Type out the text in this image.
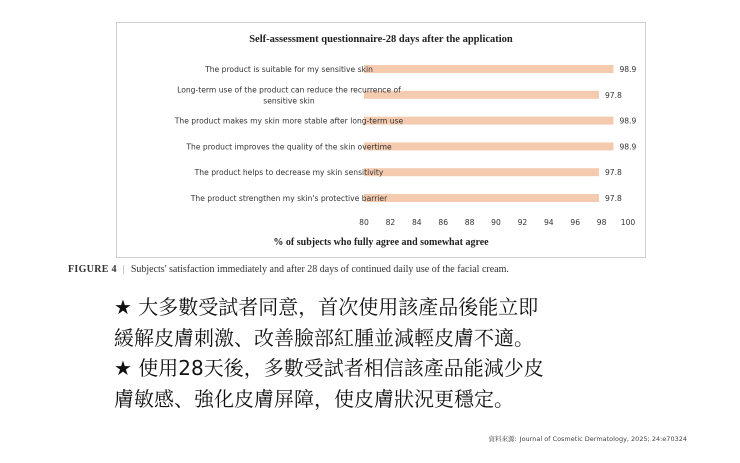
Self-assessment questionnaire-28 days after the application
The product is suitable for my sensitive skin	98.9
Long-term use of the product can reduce the recurrence of
sensitive skin
97.8
The product makes my skin more stable after long-term use	98.9
The product improves the quality of the skin overtime	98.9
The product helps to decrease my skin sensitivity	97.8
The product strengthen my skin's protective barrier	97.8
80 82 84 86 88 90 92 94 96 98 100
% of subjects who fully agree and somewhat agree
FIGURE 4 | Subjects' satisfaction immediately and after 28 days of continued daily use of the facial cream.
★ 大多數受試者同意，首次使用該產品後能立即
緩解皮膚刺激、改善臉部紅腫並減輕皮膚不適。
★ 使用28天後，多數受試者相信該產品能減少皮
膚敏感、強化皮膚屏障，使皮膚狀況更穩定。
資料來源: Journal of Cosmetic Dermatology, 2025; 24:e70324
